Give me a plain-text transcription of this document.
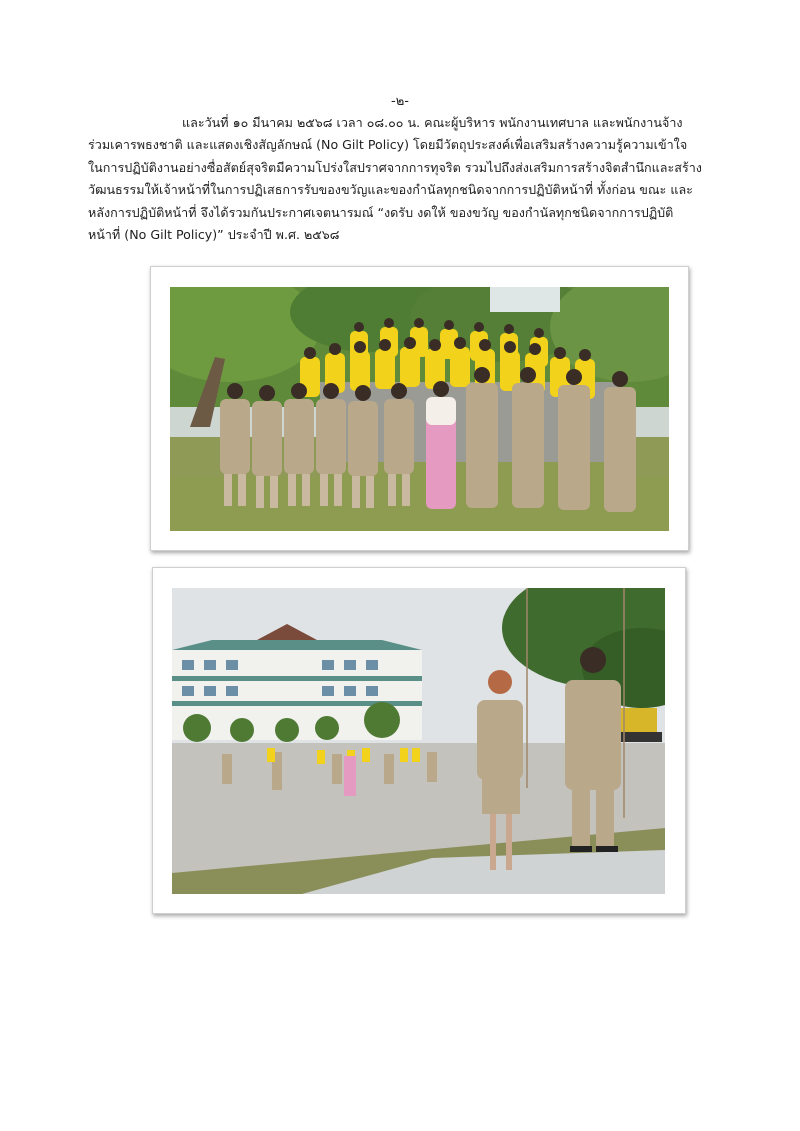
-๒-
และวันที่ ๑๐ มีนาคม ๒๕๖๘ เวลา ๐๘.๐๐ น. คณะผู้บริหาร พนักงานเทศบาล และพนักงานจ้าง
ร่วมเคารพธงชาติ และแสดงเชิงสัญลักษณ์ (No Gilt Policy) โดยมีวัตถุประสงค์เพื่อเสริมสร้างความรู้ความเข้าใจ
ในการปฏิบัติงานอย่างซื่อสัตย์สุจริตมีความโปร่งใสปราศจากการทุจริต รวมไปถึงส่งเสริมการสร้างจิตสำนึกและสร้าง
วัฒนธรรมให้เจ้าหน้าที่ในการปฏิเสธการรับของขวัญและของกำนัลทุกชนิดจากการปฏิบัติหน้าที่ ทั้งก่อน ขณะ และ
หลังการปฏิบัติหน้าที่ จึงได้รวมกันประกาศเจตนารมณ์ “งดรับ งดให้ ของขวัญ ของกำนัลทุกชนิดจากการปฏิบัติ
หน้าที่ (No Gilt Policy)” ประจำปี พ.ศ. ๒๕๖๘
